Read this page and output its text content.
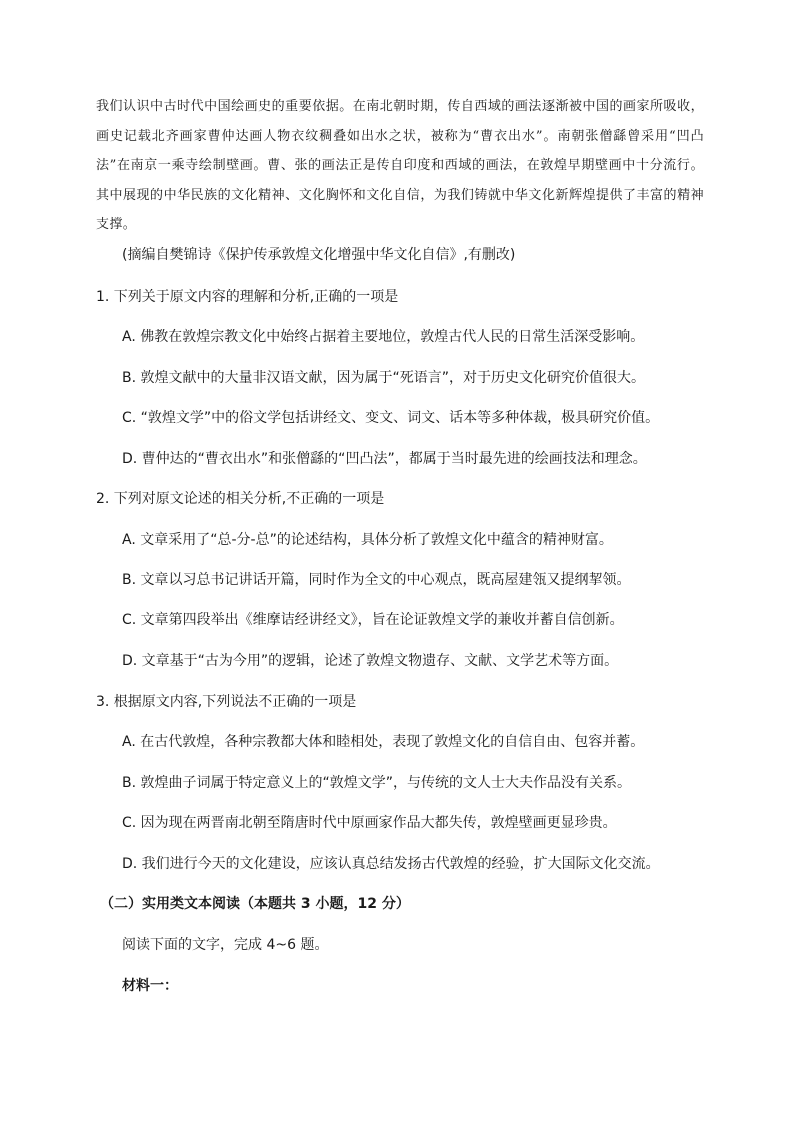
我们认识中古时代中国绘画史的重要依据。在南北朝时期，传自西域的画法逐渐被中国的画家所吸收，画史记载北齐画家曹仲达画人物衣纹稠叠如出水之状，被称为“曹衣出水”。南朝张僧繇曾采用“凹凸法”在南京一乘寺绘制壁画。曹、张的画法正是传自印度和西域的画法，在敦煌早期壁画中十分流行。其中展现的中华民族的文化精神、文化胸怀和文化自信，为我们铸就中华文化新辉煌提供了丰富的精神支撑。
(摘编自樊锦诗《保护传承敦煌文化增强中华文化自信》,有删改)
1. 下列关于原文内容的理解和分析,正确的一项是
A. 佛教在敦煌宗教文化中始终占据着主要地位，敦煌古代人民的日常生活深受影响。
B. 敦煌文献中的大量非汉语文献，因为属于“死语言”，对于历史文化研究价值很大。
C. “敦煌文学”中的俗文学包括讲经文、变文、词文、话本等多种体裁，极具研究价值。
D. 曹仲达的“曹衣出水”和张僧繇的“凹凸法”，都属于当时最先进的绘画技法和理念。
2. 下列对原文论述的相关分析,不正确的一项是
A. 文章采用了“总-分-总”的论述结构，具体分析了敦煌文化中蕴含的精神财富。
B. 文章以习总书记讲话开篇，同时作为全文的中心观点，既高屋建瓴又提纲挈领。
C. 文章第四段举出《维摩诘经讲经文》，旨在论证敦煌文学的兼收并蓄自信创新。
D. 文章基于“古为今用”的逻辑，论述了敦煌文物遗存、文献、文学艺术等方面。
3. 根据原文内容,下列说法不正确的一项是
A. 在古代敦煌，各种宗教都大体和睦相处，表现了敦煌文化的自信自由、包容并蓄。
B. 敦煌曲子词属于特定意义上的“敦煌文学”，与传统的文人士大夫作品没有关系。
C. 因为现在两晋南北朝至隋唐时代中原画家作品大都失传，敦煌壁画更显珍贵。
D. 我们进行今天的文化建设，应该认真总结发扬古代敦煌的经验，扩大国际文化交流。
（二）实用类文本阅读（本题共 3 小题，12 分）
阅读下面的文字，完成 4~6 题。
材料一：
